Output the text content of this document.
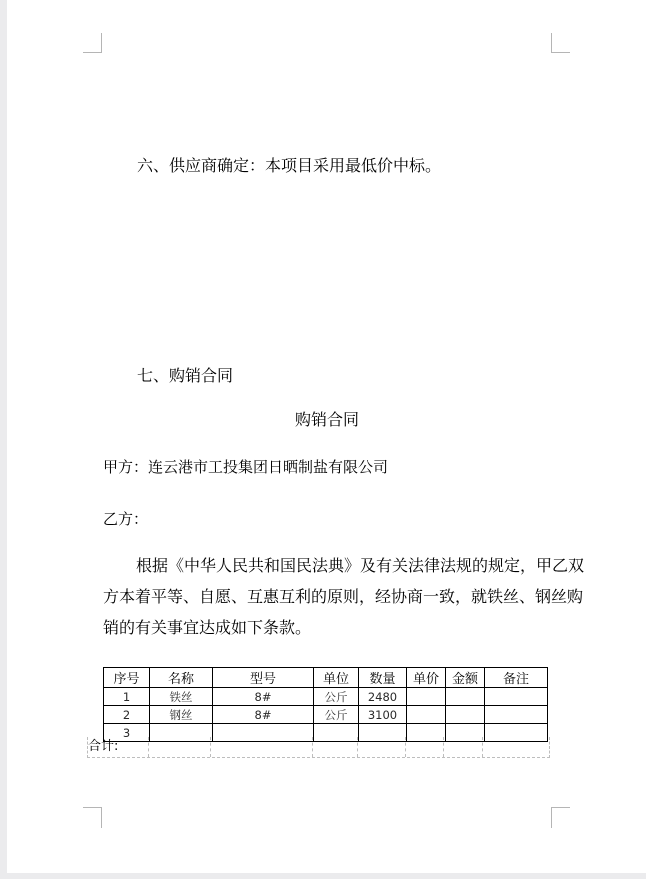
六、供应商确定：本项目采用最低价中标。
七、购销合同
购销合同
甲方：连云港市工投集团日晒制盐有限公司
乙方：
根据《中华人民共和国民法典》及有关法律法规的规定，甲乙双
方本着平等、自愿、互惠互利的原则，经协商一致，就铁丝、钢丝购
销的有关事宜达成如下条款。
序号	名称	型号	单位	数量	单价	金额	备注
1	铁丝	8#	公斤	2480			
2	钢丝	8#	公斤	3100			
3							
合计:
